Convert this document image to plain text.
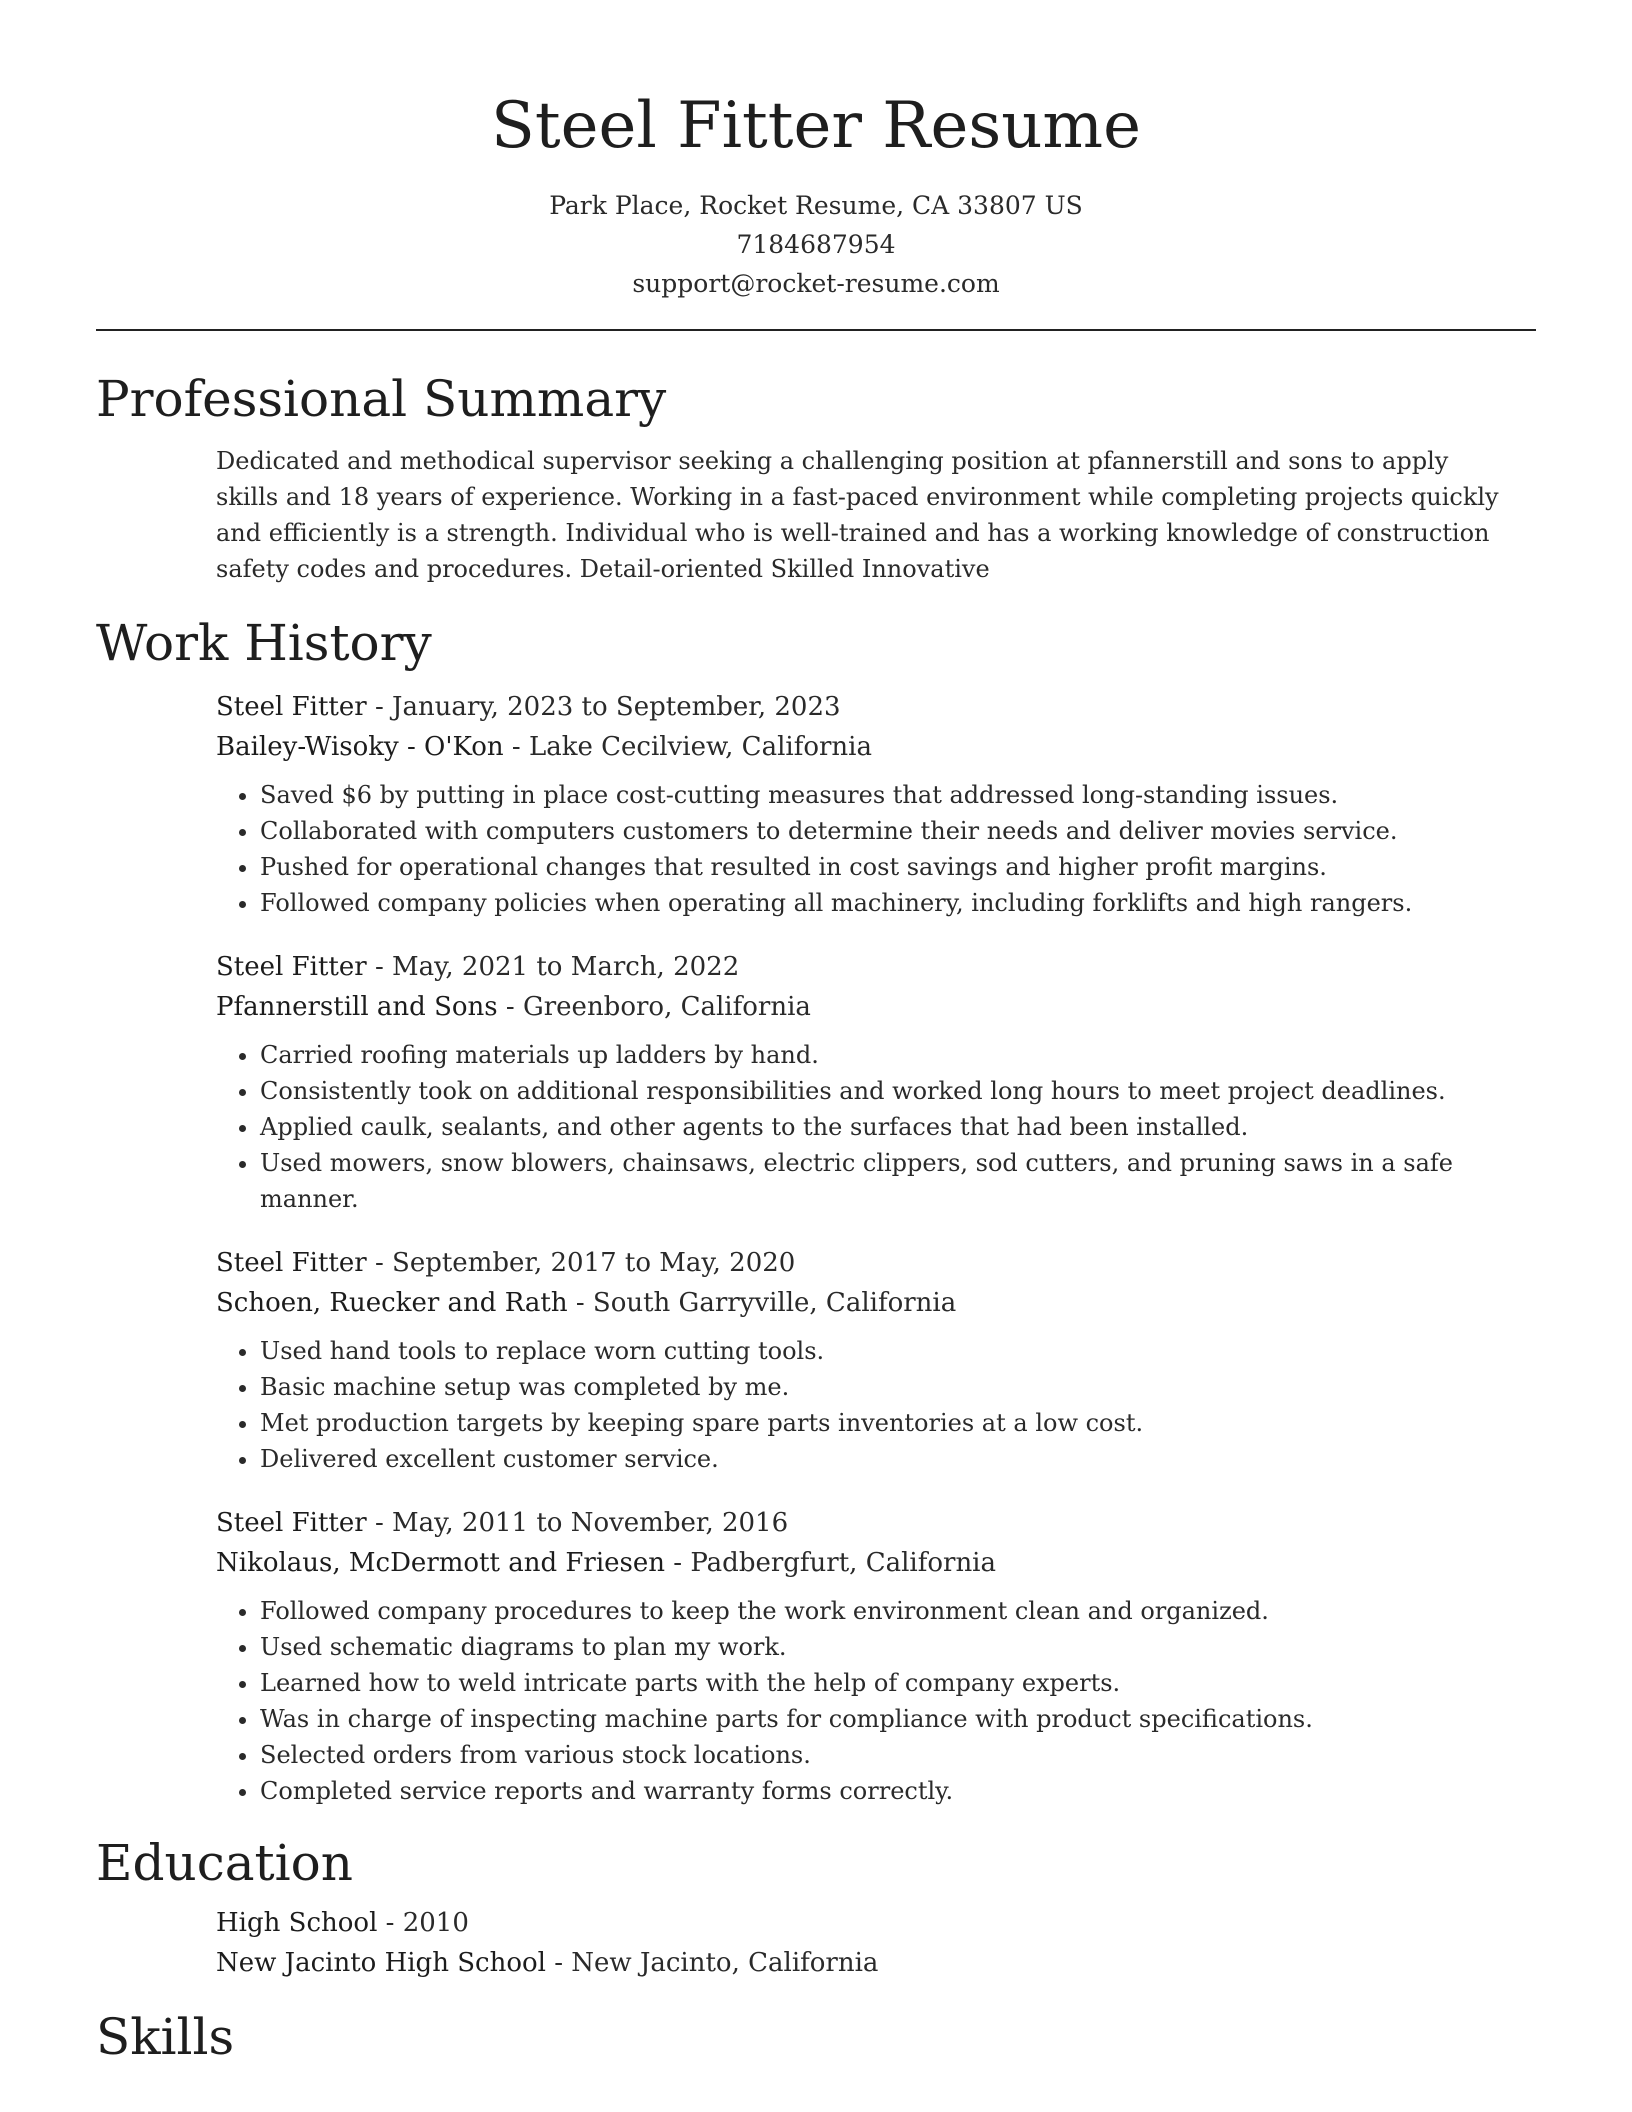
Steel Fitter Resume
Park Place, Rocket Resume, CA 33807 US
7184687954
support@rocket-resume.com
Professional Summary
Dedicated and methodical supervisor seeking a challenging position at pfannerstill and sons to apply skills and 18 years of experience. Working in a fast-paced environment while completing projects quickly and efficiently is a strength. Individual who is well-trained and has a working knowledge of construction safety codes and procedures. Detail-oriented Skilled Innovative
Work History
Steel Fitter - January, 2023 to September, 2023
Bailey-Wisoky - O'Kon - Lake Cecilview, California
• Saved $6 by putting in place cost-cutting measures that addressed long-standing issues.
• Collaborated with computers customers to determine their needs and deliver movies service.
• Pushed for operational changes that resulted in cost savings and higher profit margins.
• Followed company policies when operating all machinery, including forklifts and high rangers.
Steel Fitter - May, 2021 to March, 2022
Pfannerstill and Sons - Greenboro, California
• Carried roofing materials up ladders by hand.
• Consistently took on additional responsibilities and worked long hours to meet project deadlines.
• Applied caulk, sealants, and other agents to the surfaces that had been installed.
• Used mowers, snow blowers, chainsaws, electric clippers, sod cutters, and pruning saws in a safe manner.
Steel Fitter - September, 2017 to May, 2020
Schoen, Ruecker and Rath - South Garryville, California
• Used hand tools to replace worn cutting tools.
• Basic machine setup was completed by me.
• Met production targets by keeping spare parts inventories at a low cost.
• Delivered excellent customer service.
Steel Fitter - May, 2011 to November, 2016
Nikolaus, McDermott and Friesen - Padbergfurt, California
• Followed company procedures to keep the work environment clean and organized.
• Used schematic diagrams to plan my work.
• Learned how to weld intricate parts with the help of company experts.
• Was in charge of inspecting machine parts for compliance with product specifications.
• Selected orders from various stock locations.
• Completed service reports and warranty forms correctly.
Education
High School - 2010
New Jacinto High School - New Jacinto, California
Skills
